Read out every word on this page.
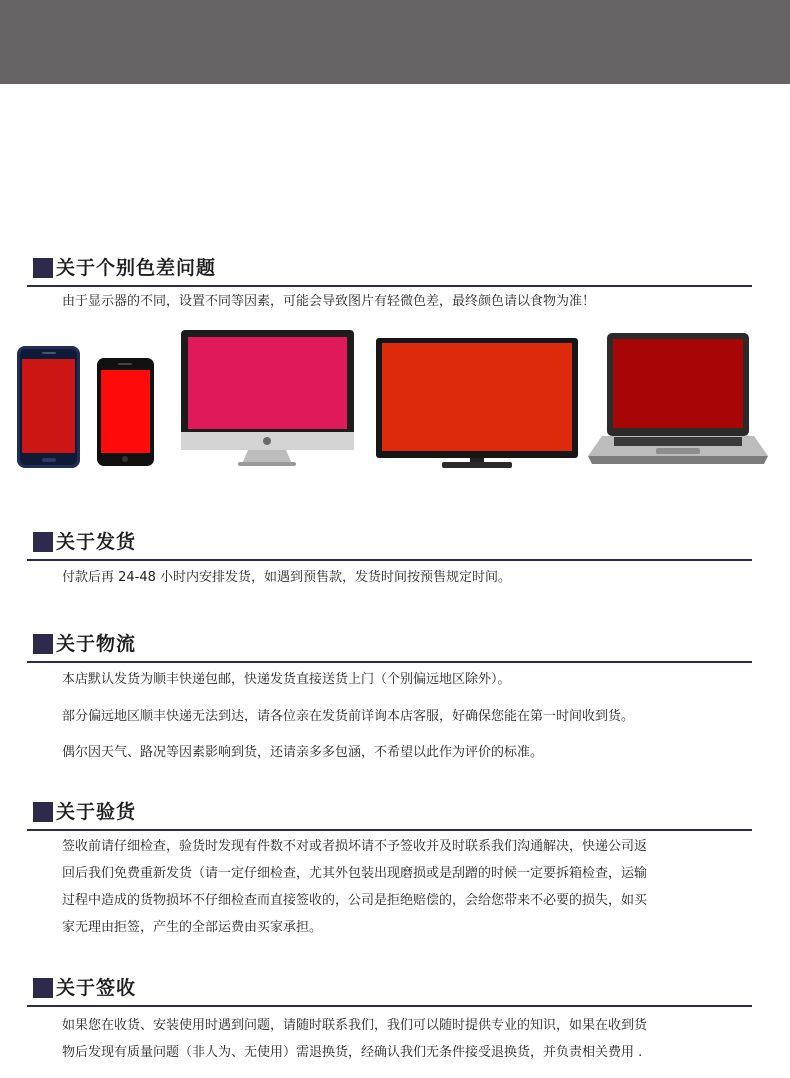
关于个别色差问题
由于显示器的不同，设置不同等因素，可能会导致图片有轻微色差，最终颜色请以食物为准！
关于发货
付款后再 24-48 小时内安排发货，如遇到预售款，发货时间按预售规定时间。
关于物流
本店默认发货为顺丰快递包邮，快递发货直接送货上门（个别偏远地区除外）。
部分偏远地区顺丰快递无法到达，请各位亲在发货前详询本店客服，好确保您能在第一时间收到货。
偶尔因天气、路况等因素影响到货，还请亲多多包涵，不希望以此作为评价的标准。
关于验货
签收前请仔细检查，验货时发现有件数不对或者损坏请不予签收并及时联系我们沟通解决，快递公司返
回后我们免费重新发货（请一定仔细检查，尤其外包装出现磨损或是刮蹭的时候一定要拆箱检查，运输
过程中造成的货物损坏不仔细检查而直接签收的，公司是拒绝赔偿的，会给您带来不必要的损失，如买
家无理由拒签，产生的全部运费由买家承担。
关于签收
如果您在收货、安装使用时遇到问题，请随时联系我们，我们可以随时提供专业的知识，如果在收到货
物后发现有质量问题（非人为、无使用）需退换货，经确认我们无条件接受退换货，并负责相关费用 .
